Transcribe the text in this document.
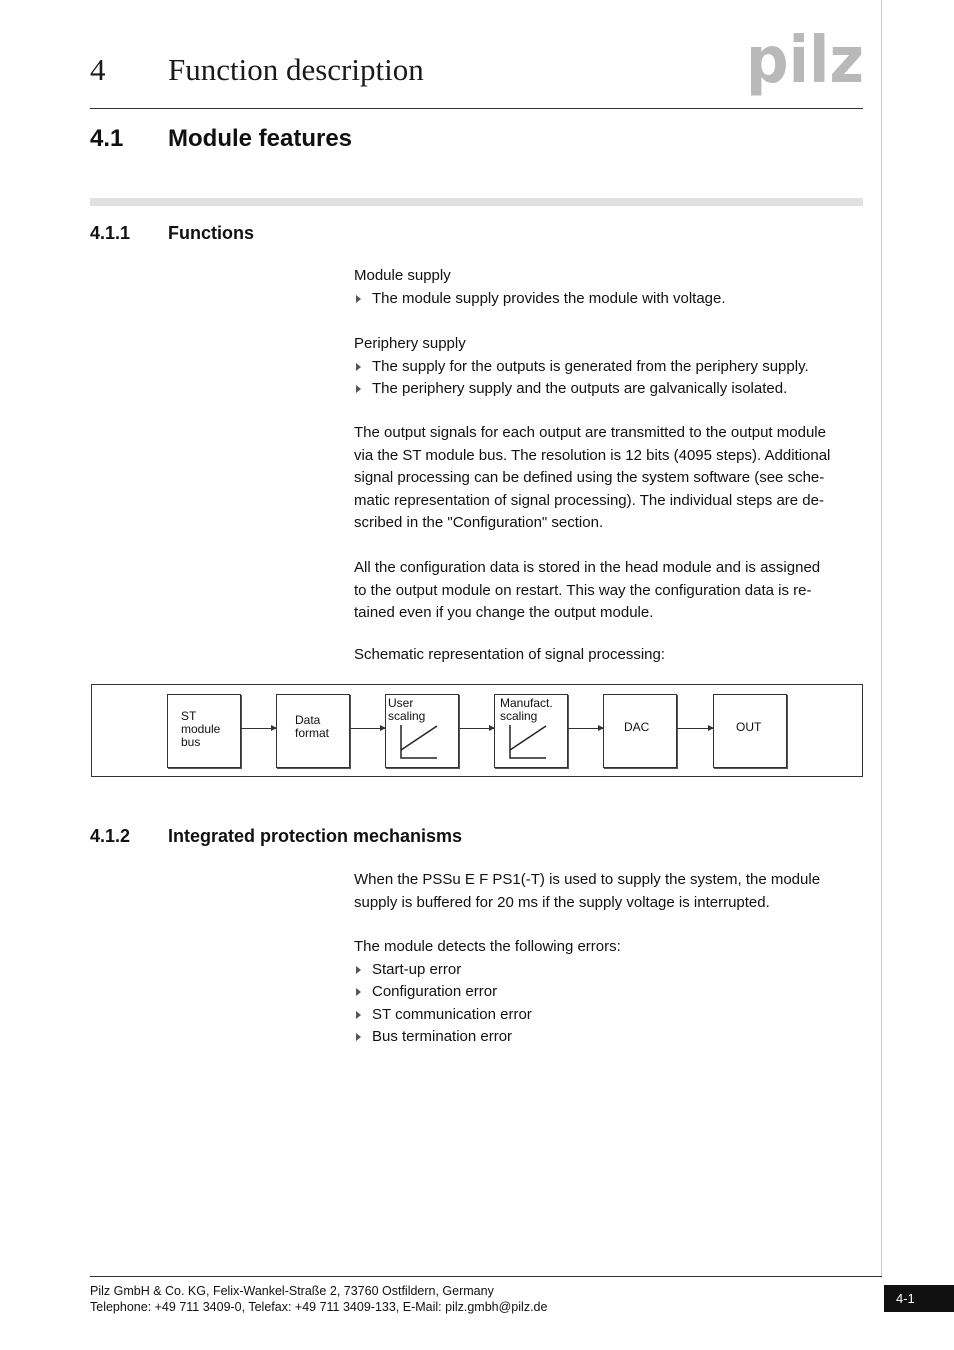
4 Function description	pilz
4.1 Module features
4.1.1 Functions

Module supply

The module supply provides the module with voltage.

Periphery supply

The supply for the outputs is generated from the periphery supply.

The periphery supply and the outputs are galvanically isolated.

The output signals for each output are transmitted to the output module

via the ST module bus. The resolution is 12 bits (4095 steps). Additional

signal processing can be defined using the system software (see sche-

matic representation of signal processing). The individual steps are de-

scribed in the "Configuration" section.

All the configuration data is stored in the head module and is assigned

to the output module on restart. This way the configuration data is re-

tained even if you change the output module.

Schematic representation of signal processing:
ST
module
bus
Data
format
User
scaling
Manufact.
scaling
DAC	OUT
4.1.2 Integrated protection mechanisms

When the PSSu E F PS1(-T) is used to supply the system, the module

supply is buffered for 20 ms if the supply voltage is interrupted.

The module detects the following errors:

Start-up error

Configuration error

ST communication error

Bus termination error

Pilz GmbH & Co. KG, Felix-Wankel-Straße 2, 73760 Ostfildern, Germany
Telephone: +49 711 3409-0, Telefax: +49 711 3409-133, E-Mail: pilz.gmbh@pilz.de
4-1
